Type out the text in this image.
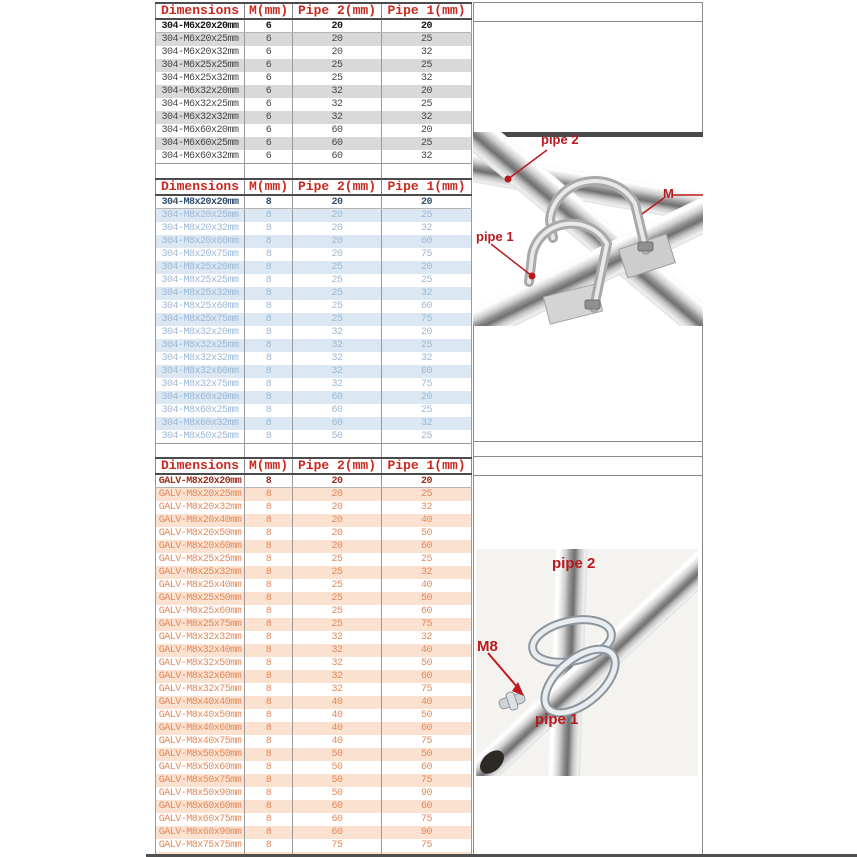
Dimensions M(mm) Pipe 2(mm) Pipe 1(mm)
304-M6x20x20mm	6	20	20
304-M6x20x25mm	6	20	25
304-M6x20x32mm	6	20	32
304-M6x25x25mm	6	25	25
304-M6x25x32mm	6	25	32
304-M6x32x20mm	6	32	20
304-M6x32x25mm	6	32	25
304-M6x32x32mm	6	32	32
304-M6x60x20mm	6	60	20
304-M6x60x25mm	6	60	25
304-M6x60x32mm	6	60	32
Dimensions M(mm) Pipe 2(mm) Pipe 1(mm)
304-M8x20x20mm	8	20	20
304-M8x20x25mm	8	20	25
304-M8x20x32mm	8	20	32
304-M8x20x60mm	8	20	60
304-M8x20x75mm	8	20	75
304-M8x25x20mm	8	25	20
304-M8x25x25mm	8	25	25
304-M8x25x32mm	8	25	32
304-M8x25x60mm	8	25	60
304-M8x25x75mm	8	25	75
304-M8x32x20mm	8	32	20
304-M8x32x25mm	8	32	25
304-M8x32x32mm	8	32	32
304-M8x32x60mm	8	32	60
304-M8x32x75mm	8	32	75
304-M8x60x20mm	8	60	20
304-M8x60x25mm	8	60	25
304-M8x60x32mm	8	60	32
304-M8x50x25mm	8	50	25
Dimensions M(mm) Pipe 2(mm) Pipe 1(mm)
GALV-M8x20x20mm	8	20	20
GALV-M8x20x25mm	8	20	25
GALV-M8x20x32mm	8	20	32
GALV-M8x20x40mm	8	20	40
GALV-M8x20x50mm	8	20	50
GALV-M8x20x60mm	8	20	60
GALV-M8x25x25mm	8	25	25
GALV-M8x25x32mm	8	25	32
GALV-M8x25x40mm	8	25	40
GALV-M8x25x50mm	8	25	50
GALV-M8x25x60mm	8	25	60
GALV-M8x25x75mm	8	25	75
GALV-M8x32x32mm	8	32	32
GALV-M8x32x40mm	8	32	40
GALV-M8x32x50mm	8	32	50
GALV-M8x32x60mm	8	32	60
GALV-M8x32x75mm	8	32	75
GALV-M8x40x40mm	8	40	40
GALV-M8x40x50mm	8	40	50
GALV-M8x40x60mm	8	40	60
GALV-M8x40x75mm	8	40	75
GALV-M8x50x50mm	8	50	50
GALV-M8x50x60mm	8	50	60
GALV-M8x50x75mm	8	50	75
GALV-M8x50x90mm	8	50	90
GALV-M8x60x60mm	8	60	60
GALV-M8x60x75mm	8	60	75
GALV-M8x60x90mm	8	60	90
GALV-M8x75x75mm	8	75	75
pipe 2
M
pipe 1
pipe 2
M8
pipe 1
